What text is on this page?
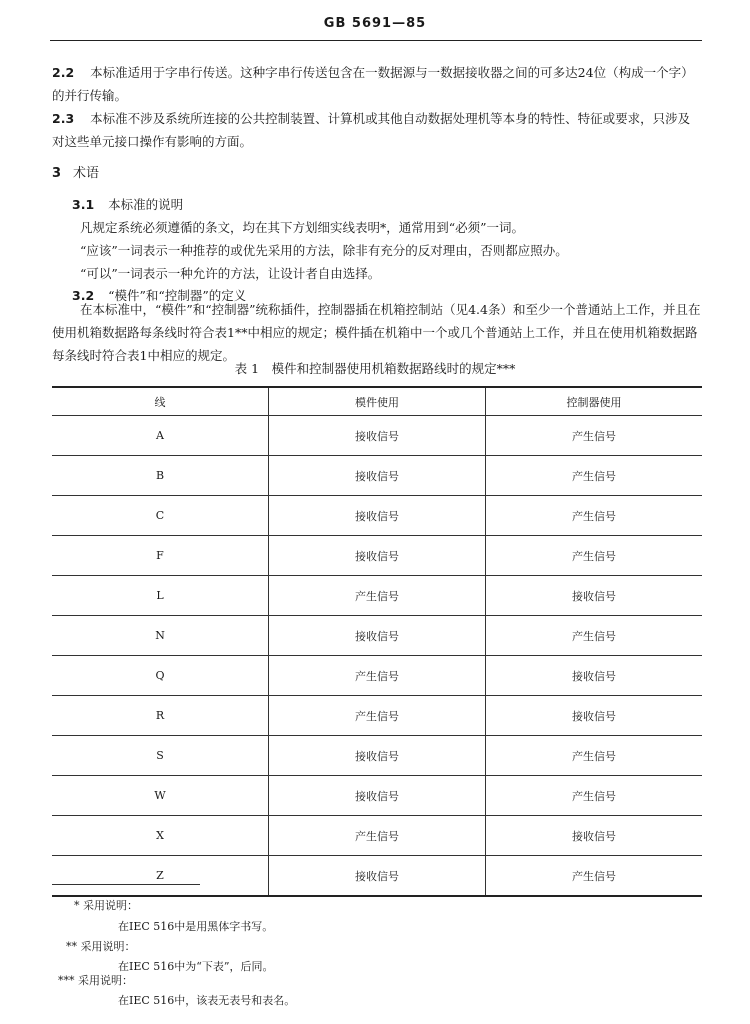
GB 5691—85
2.2 本标准适用于字串行传送。这种字串行传送包含在一数据源与一数据接收器之间的可多达24位（构成一个字）的并行传输。
2.3 本标准不涉及系统所连接的公共控制装置、计算机或其他自动数据处理机等本身的特性、特征或要求，只涉及对这些单元接口操作有影响的方面。
3 术语
3.1 本标准的说明
凡规定系统必须遵循的条文，均在其下方划细实线表明*，通常用到“必须”一词。
“应该”一词表示一种推荐的或优先采用的方法，除非有充分的反对理由，否则都应照办。
“可以”一词表示一种允许的方法，让设计者自由选择。
3.2 “模件”和“控制器”的定义
在本标准中，“模件”和“控制器”统称插件，控制器插在机箱控制站（见4.4条）和至少一个普通站上工作，并且在使用机箱数据路每条线时符合表1**中相应的规定；模件插在机箱中一个或几个普通站上工作，并且在使用机箱数据路每条线时符合表1中相应的规定。
表 1　模件和控制器使用机箱数据路线时的规定***
线	模件使用	控制器使用
A	接收信号	产生信号
B	接收信号	产生信号
C	接收信号	产生信号
F	接收信号	产生信号
L	产生信号	接收信号
N	接收信号	产生信号
Q	产生信号	接收信号
R	产生信号	接收信号
S	接收信号	产生信号
W	接收信号	产生信号
X	产生信号	接收信号
Z	接收信号	产生信号
* 采用说明：
在IEC 516中是用黑体字书写。
** 采用说明：
在IEC 516中为“下表”，后同。
*** 采用说明：
在IEC 516中，该表无表号和表名。
